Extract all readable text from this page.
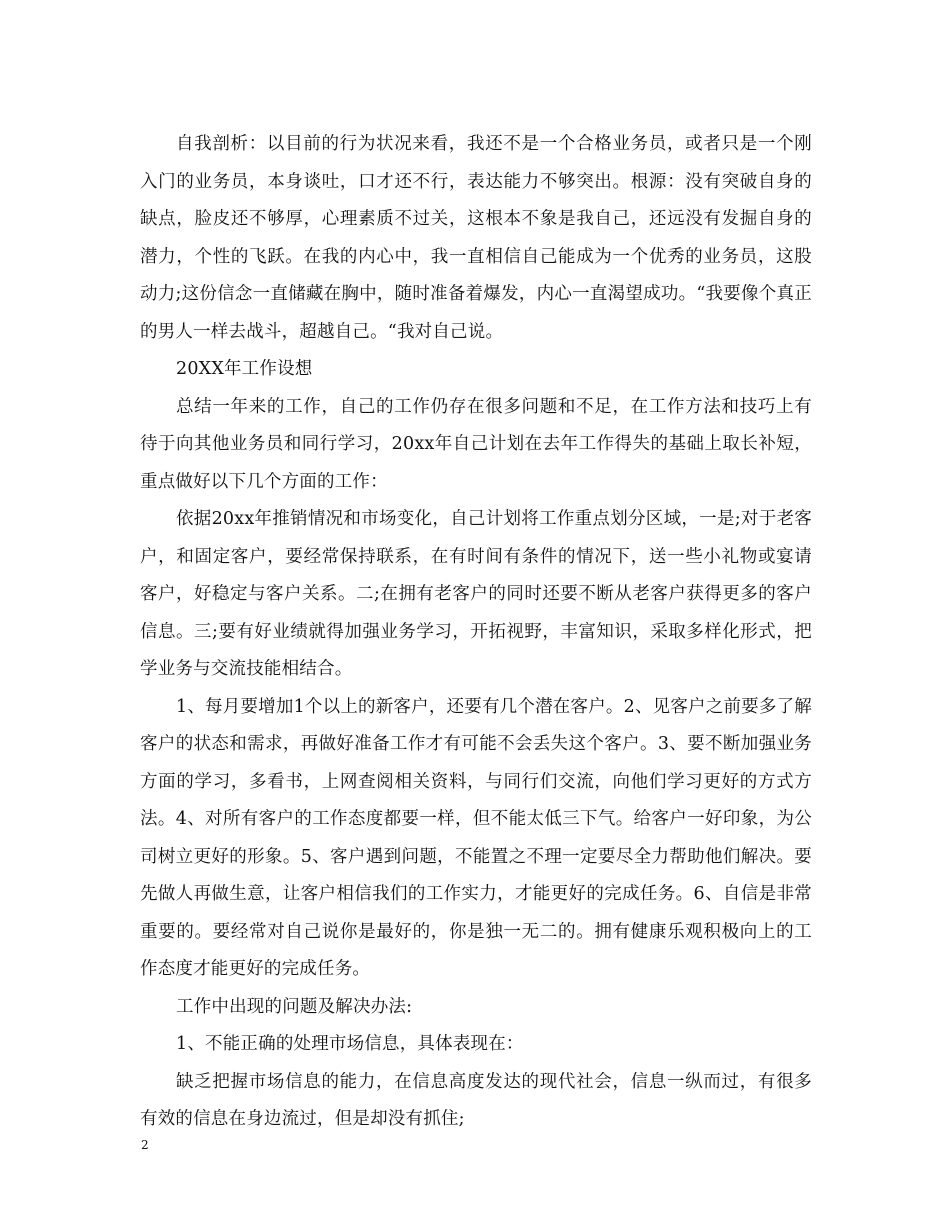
自我剖析：以目前的行为状况来看，我还不是一个合格业务员，或者只是一个刚入门的业务员，本身谈吐，口才还不行，表达能力不够突出。根源：没有突破自身的缺点，脸皮还不够厚，心理素质不过关，这根本不象是我自己，还远没有发掘自身的潜力，个性的飞跃。在我的内心中，我一直相信自己能成为一个优秀的业务员，这股动力;这份信念一直储藏在胸中，随时准备着爆发，内心一直渴望成功。“我要像个真正的男人一样去战斗，超越自己。“我对自己说。

20XX年工作设想

总结一年来的工作，自己的工作仍存在很多问题和不足，在工作方法和技巧上有待于向其他业务员和同行学习，20xx年自己计划在去年工作得失的基础上取长补短，重点做好以下几个方面的工作：

依据20xx年推销情况和市场变化，自己计划将工作重点划分区域，一是;对于老客户，和固定客户，要经常保持联系，在有时间有条件的情况下，送一些小礼物或宴请客户，好稳定与客户关系。二;在拥有老客户的同时还要不断从老客户获得更多的客户信息。三;要有好业绩就得加强业务学习，开拓视野，丰富知识，采取多样化形式，把学业务与交流技能相结合。

1、每月要增加1个以上的新客户，还要有几个潜在客户。2、见客户之前要多了解客户的状态和需求，再做好准备工作才有可能不会丢失这个客户。3、要不断加强业务方面的学习，多看书，上网查阅相关资料，与同行们交流，向他们学习更好的方式方法。4、对所有客户的工作态度都要一样，但不能太低三下气。给客户一好印象，为公司树立更好的形象。5、客户遇到问题，不能置之不理一定要尽全力帮助他们解决。要先做人再做生意，让客户相信我们的工作实力，才能更好的完成任务。6、自信是非常重要的。要经常对自己说你是最好的，你是独一无二的。拥有健康乐观积极向上的工作态度才能更好的完成任务。

工作中出现的问题及解决办法:

1、不能正确的处理市场信息，具体表现在：

缺乏把握市场信息的能力，在信息高度发达的现代社会，信息一纵而过，有很多有效的信息在身边流过，但是却没有抓住;

2
